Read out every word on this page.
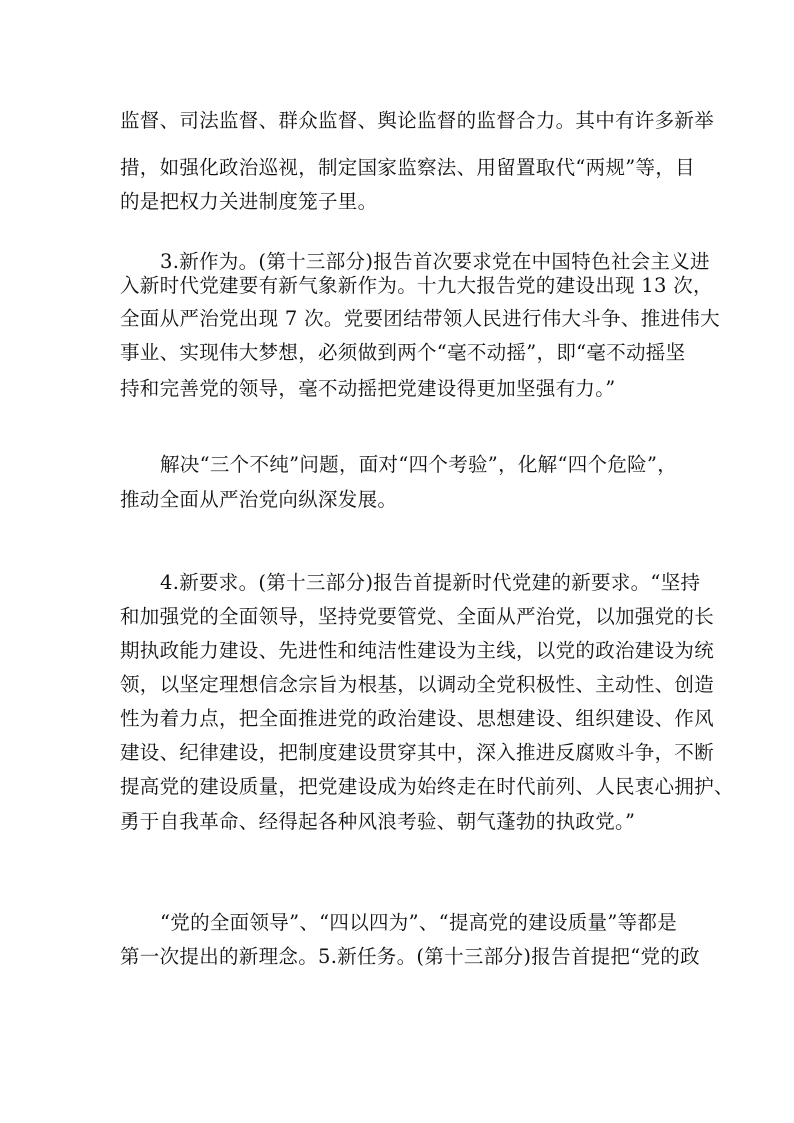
监督、司法监督、群众监督、舆论监督的监督合力。其中有许多新举

措，如强化政治巡视，制定国家监察法、用留置取代“两规”等，目

的是把权力关进制度笼子里。

3.新作为。(第十三部分)报告首次要求党在中国特色社会主义进

入新时代党建要有新气象新作为。十九大报告党的建设出现 13 次，

全面从严治党出现 7 次。党要团结带领人民进行伟大斗争、推进伟大

事业、实现伟大梦想，必须做到两个“毫不动摇”，即“毫不动摇坚

持和完善党的领导，毫不动摇把党建设得更加坚强有力。”

解决“三个不纯”问题，面对“四个考验”，化解“四个危险”，

推动全面从严治党向纵深发展。

4.新要求。(第十三部分)报告首提新时代党建的新要求。“坚持

和加强党的全面领导，坚持党要管党、全面从严治党，以加强党的长

期执政能力建设、先进性和纯洁性建设为主线，以党的政治建设为统

领，以坚定理想信念宗旨为根基，以调动全党积极性、主动性、创造

性为着力点，把全面推进党的政治建设、思想建设、组织建设、作风

建设、纪律建设，把制度建设贯穿其中，深入推进反腐败斗争，不断

提高党的建设质量，把党建设成为始终走在时代前列、人民衷心拥护、

勇于自我革命、经得起各种风浪考验、朝气蓬勃的执政党。”

“党的全面领导”、“四以四为”、“提高党的建设质量”等都是

第一次提出的新理念。5.新任务。(第十三部分)报告首提把“党的政
